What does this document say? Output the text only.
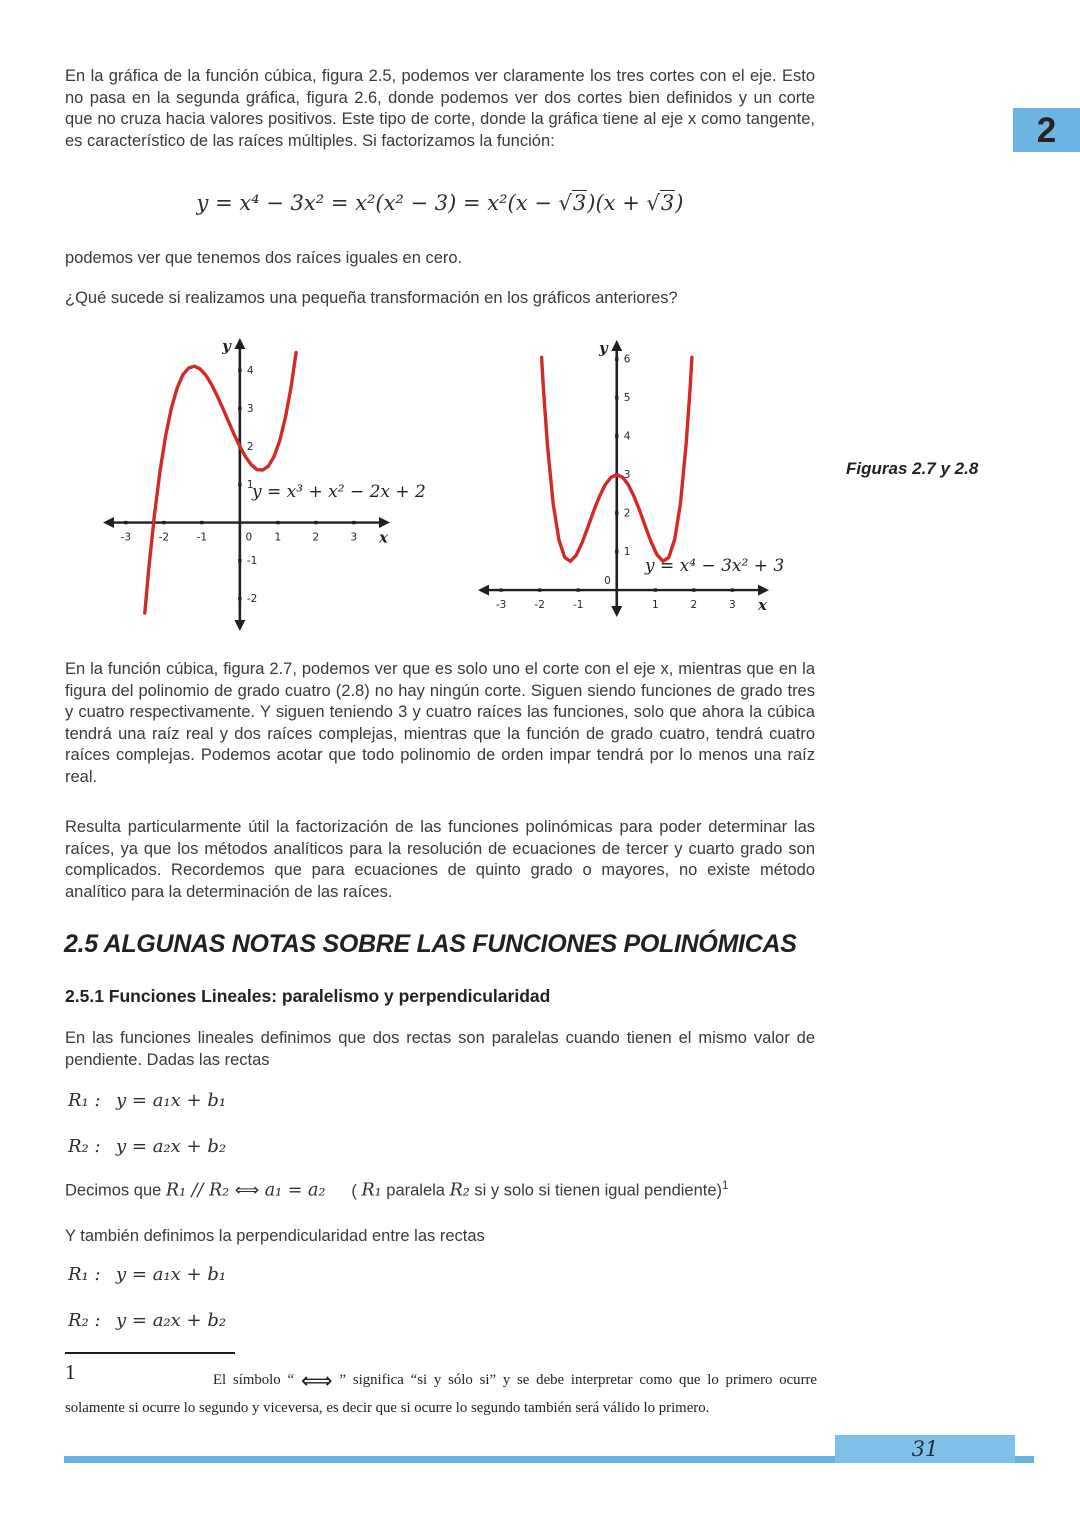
2

En la gráfica de la función cúbica, figura 2.5, podemos ver claramente los tres cortes con el eje. Esto no pasa en la segunda gráfica, figura 2.6, donde podemos ver dos cortes bien definidos y un corte que no cruza hacia valores positivos. Este tipo de corte, donde la gráfica tiene al eje x como tangente, es característico de las raíces múltiples. Si factorizamos la función:

y = x⁴ − 3x² = x²(x² − 3) = x²(x − √3)(x + √3)

podemos ver que tenemos dos raíces iguales en cero.

¿Qué sucede si realizamos una pequeña transformación en los gráficos anteriores?

-3	-2	-1	0 1	2	3
-2
-1
1
2
3
4
y
x
y = x³ + x² − 2x + 2
-3	-2	-1	1	2	3
0
1
2
3
4
5
6
y
x
y = x⁴ − 3x² + 3
Figuras 2.7 y 2.8

En la función cúbica, figura 2.7, podemos ver que es solo uno el corte con el eje x, mientras que en la figura del polinomio de grado cuatro (2.8) no hay ningún corte. Siguen siendo funciones de grado tres y cuatro respectivamente. Y siguen teniendo 3 y cuatro raíces las funciones, solo que ahora la cúbica tendrá una raíz real y dos raíces complejas, mientras que la función de grado cuatro, tendrá cuatro raíces complejas. Podemos acotar que todo polinomio de orden impar tendrá por lo menos una raíz real.

Resulta particularmente útil la factorización de las funciones polinómicas para poder determinar las raíces, ya que los métodos analíticos para la resolución de ecuaciones de tercer y cuarto grado son complicados. Recordemos que para ecuaciones de quinto grado o mayores, no existe método analítico para la determinación de las raíces.

2.5 ALGUNAS NOTAS SOBRE LAS FUNCIONES POLINÓMICAS
2.5.1 Funciones Lineales: paralelismo y perpendicularidad

En las funciones lineales definimos que dos rectas son paralelas cuando tienen el mismo valor de pendiente. Dadas las rectas

R₁ : y = a₁x + b₁
R₂ : y = a₂x + b₂

Decimos que R₁ // R₂ ⟺ a₁ = a₂ ( R₁ paralela R₂ si y solo si tienen igual pendiente)$^1$

Y también definimos la perpendicularidad entre las rectas

R₁ : y = a₁x + b₁
R₂ : y = a₂x + b₂
1	El símbolo “ ⟺ ” significa “si y sólo si” y se debe interpretar como que lo primero ocurre solamente si ocurre lo segundo y viceversa, es decir que si ocurre lo segundo también será válido lo primero.

31
